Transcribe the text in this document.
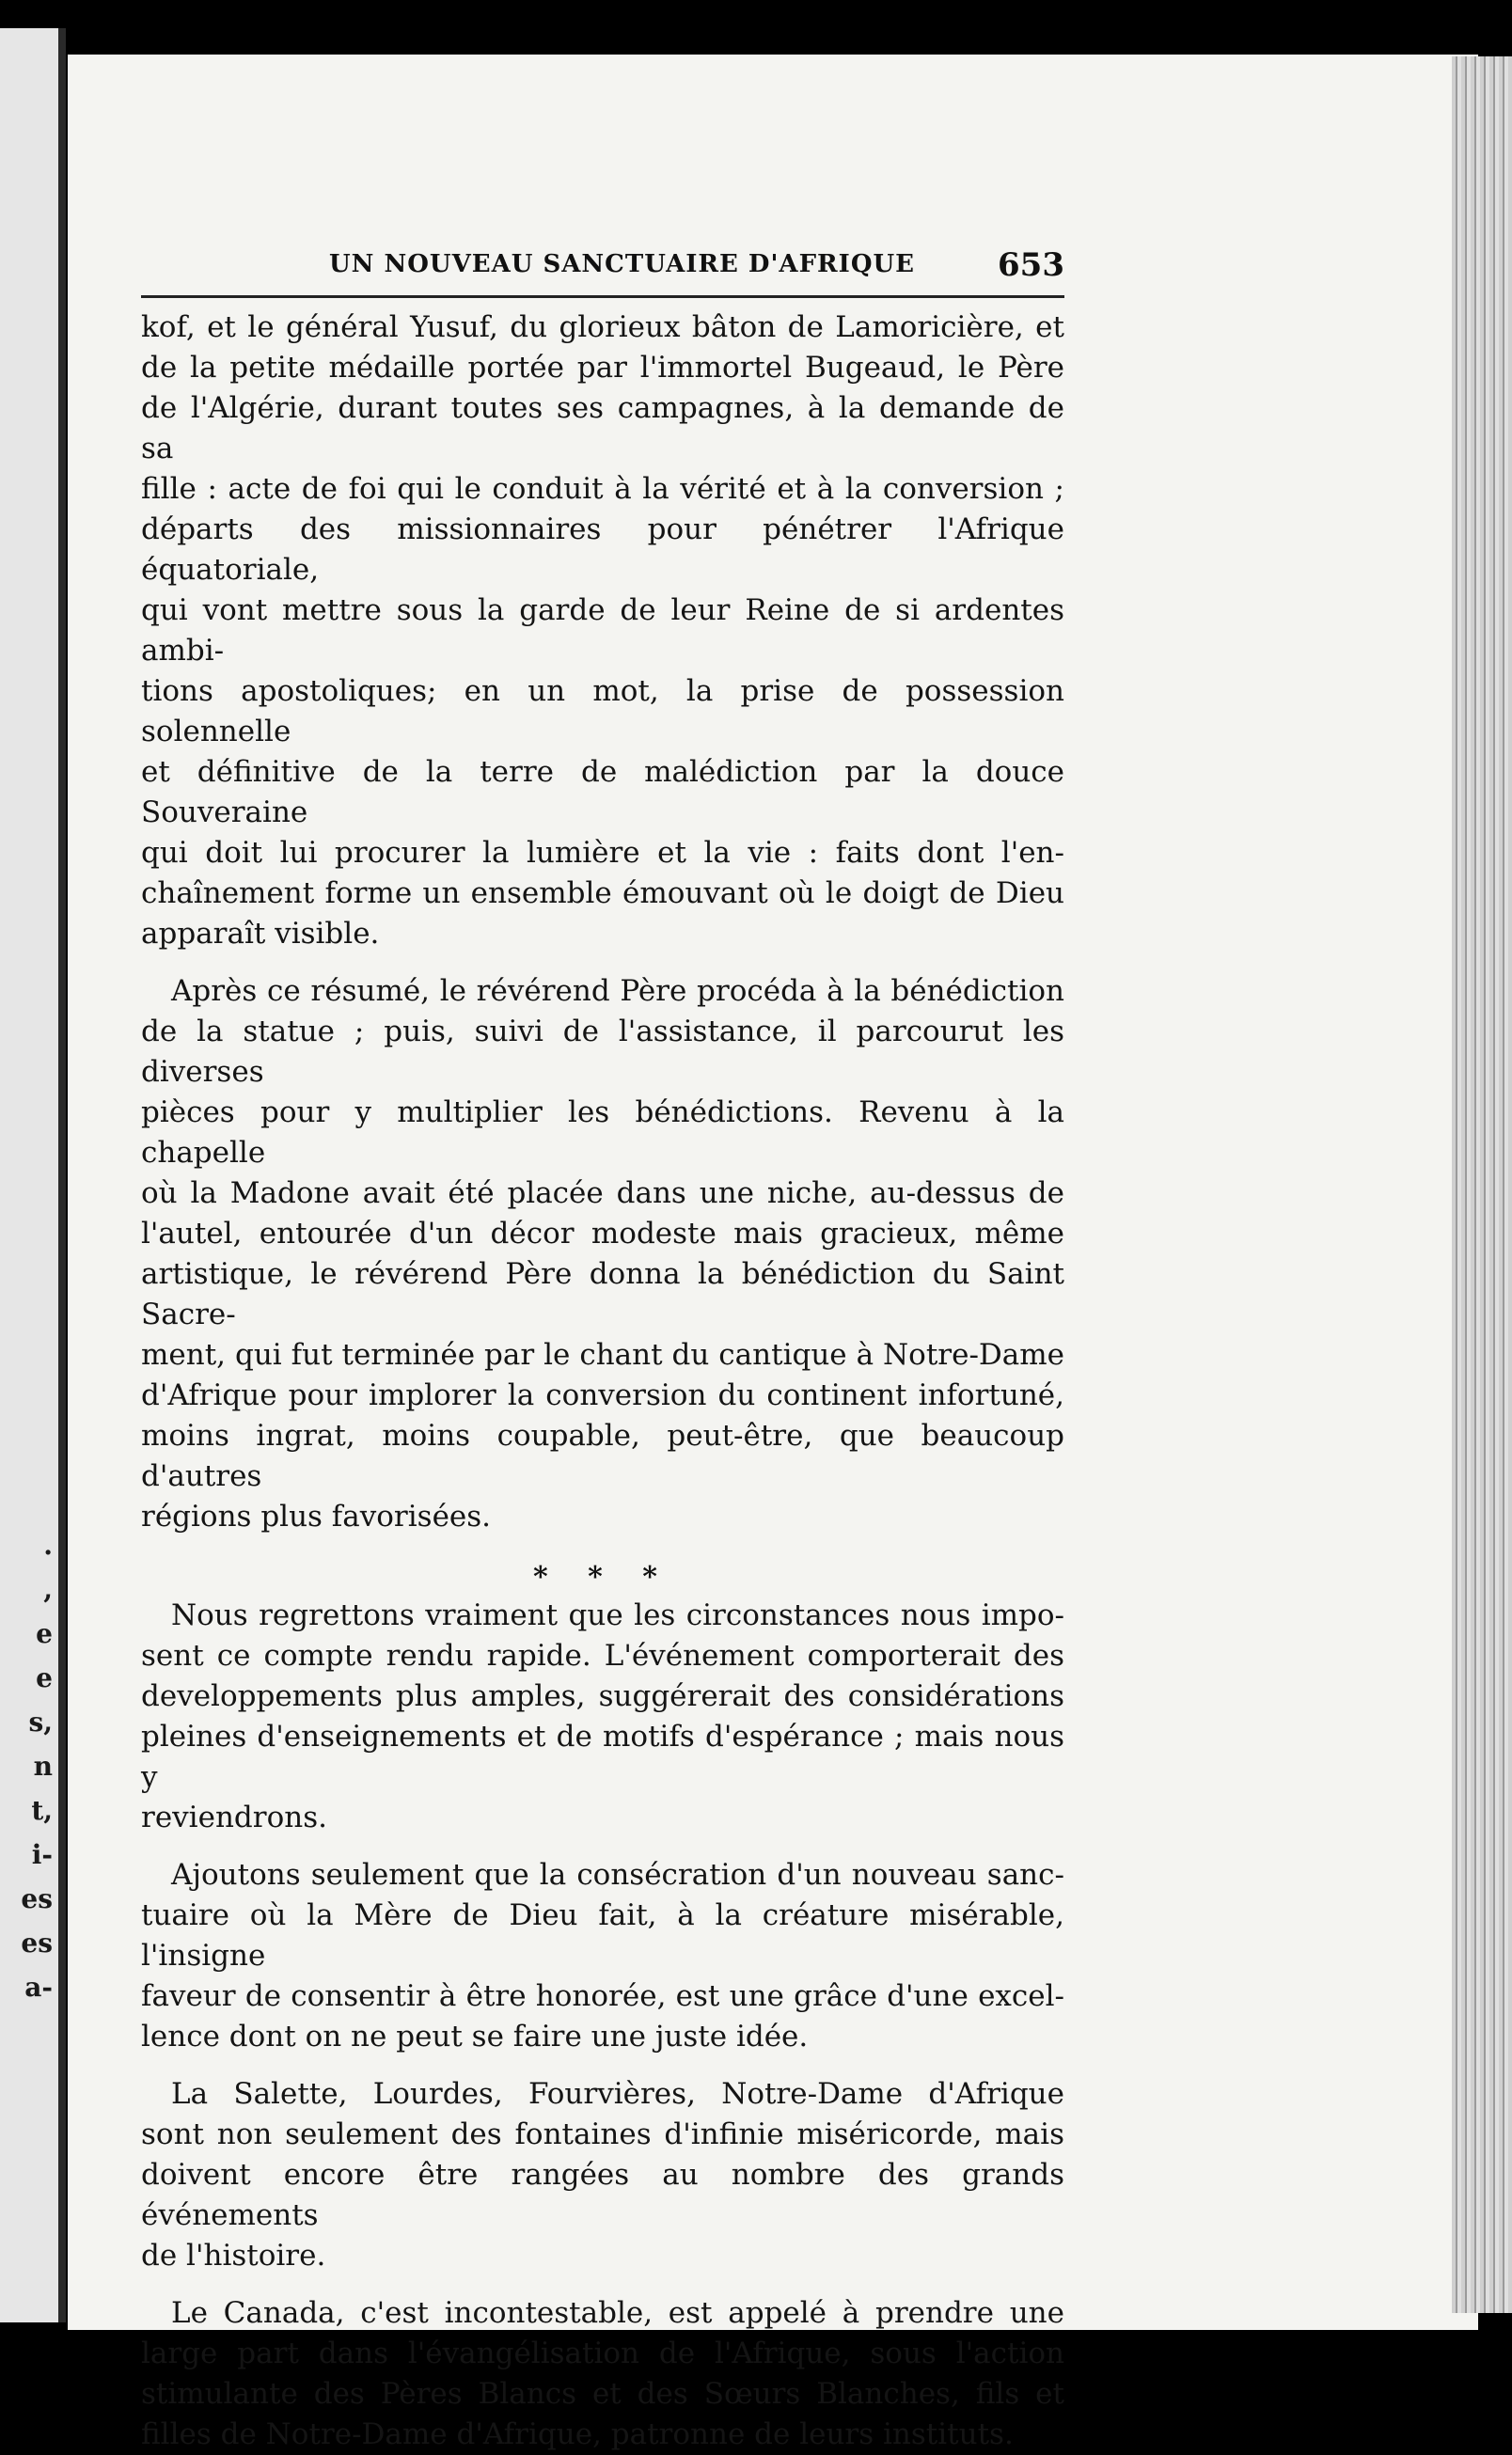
.
,
e
e
s,
n
t,
i-
es
es
a-
UN NOUVEAU SANCTUAIRE D'AFRIQUE	653

kof, et le général Yusuf, du glorieux bâton de Lamoricière, et
de la petite médaille portée par l'immortel Bugeaud, le Père
de l'Algérie, durant toutes ses campagnes, à la demande de sa
fille : acte de foi qui le conduit à la vérité et à la conversion ;
départs des missionnaires pour pénétrer l'Afrique équatoriale,
qui vont mettre sous la garde de leur Reine de si ardentes ambi-
tions apostoliques; en un mot, la prise de possession solennelle
et définitive de la terre de malédiction par la douce Souveraine
qui doit lui procurer la lumière et la vie : faits dont l'en-
chaînement forme un ensemble émouvant où le doigt de Dieu
apparaît visible.

Après ce résumé, le révérend Père procéda à la bénédiction
de la statue ; puis, suivi de l'assistance, il parcourut les diverses
pièces pour y multiplier les bénédictions. Revenu à la chapelle
où la Madone avait été placée dans une niche, au-dessus de
l'autel, entourée d'un décor modeste mais gracieux, même
artistique, le révérend Père donna la bénédiction du Saint Sacre-
ment, qui fut terminée par le chant du cantique à Notre-Dame
d'Afrique pour implorer la conversion du continent infortuné,
moins ingrat, moins coupable, peut-être, que beaucoup d'autres
régions plus favorisées.

* * *

Nous regrettons vraiment que les circonstances nous impo-
sent ce compte rendu rapide. L'événement comporterait des
developpements plus amples, suggérerait des considérations
pleines d'enseignements et de motifs d'espérance ; mais nous y
reviendrons.

Ajoutons seulement que la consécration d'un nouveau sanc-
tuaire où la Mère de Dieu fait, à la créature misérable, l'insigne
faveur de consentir à être honorée, est une grâce d'une excel-
lence dont on ne peut se faire une juste idée.

La Salette, Lourdes, Fourvières, Notre-Dame d'Afrique
sont non seulement des fontaines d'infinie miséricorde, mais
doivent encore être rangées au nombre des grands événements
de l'histoire.

Le Canada, c'est incontestable, est appelé à prendre une
large part dans l'évangélisation de l'Afrique, sous l'action
stimulante des Pères Blancs et des Sœurs Blanches, fils et
filles de Notre-Dame d'Afrique, patronne de leurs instituts.
